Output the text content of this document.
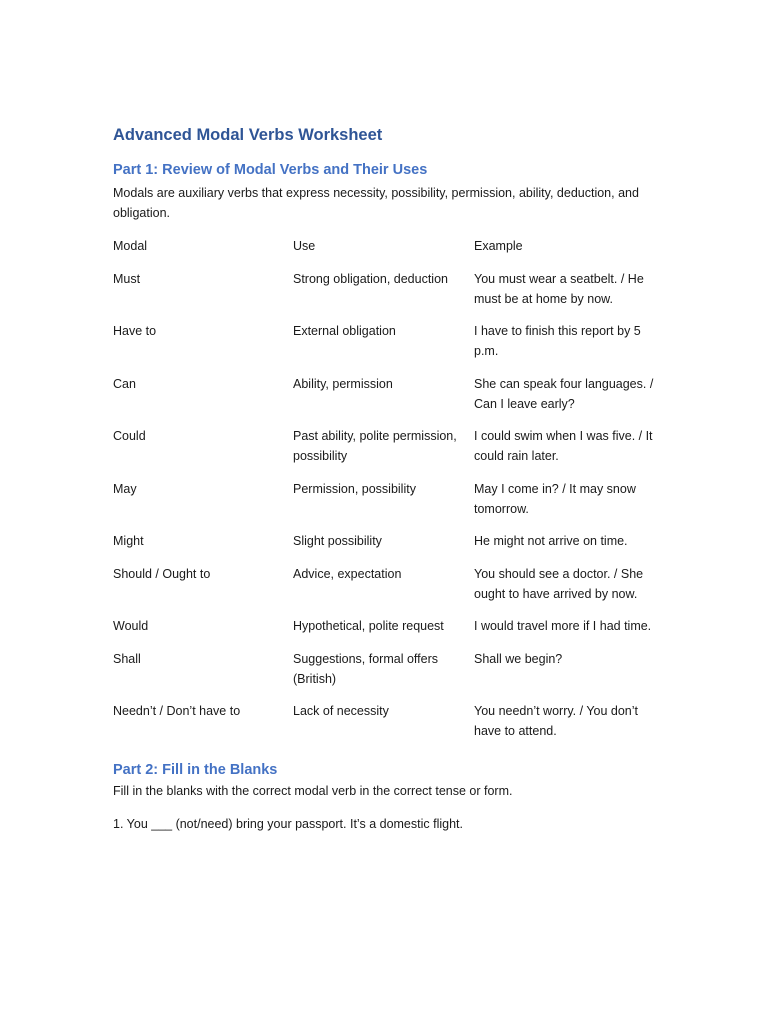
Advanced Modal Verbs Worksheet
Part 1: Review of Modal Verbs and Their Uses

Modals are auxiliary verbs that express necessity, possibility, permission, ability, deduction, and obligation.

Modal	Use	Example
Must	Strong obligation, deduction	You must wear a seatbelt. / He must be at home by now.
Have to	External obligation	I have to finish this report by 5 p.m.
Can	Ability, permission	She can speak four languages. / Can I leave early?
Could	Past ability, polite permission, possibility	I could swim when I was five. / It could rain later.
May	Permission, possibility	May I come in? / It may snow tomorrow.
Might	Slight possibility	He might not arrive on time.
Should / Ought to	Advice, expectation	You should see a doctor. / She ought to have arrived by now.
Would	Hypothetical, polite request	I would travel more if I had time.
Shall	Suggestions, formal offers (British)	Shall we begin?
Needn’t / Don’t have to	Lack of necessity	You needn’t worry. / You don’t have to attend.
Part 2: Fill in the Blanks

Fill in the blanks with the correct modal verb in the correct tense or form.

1. You ___ (not/need) bring your passport. It’s a domestic flight.
